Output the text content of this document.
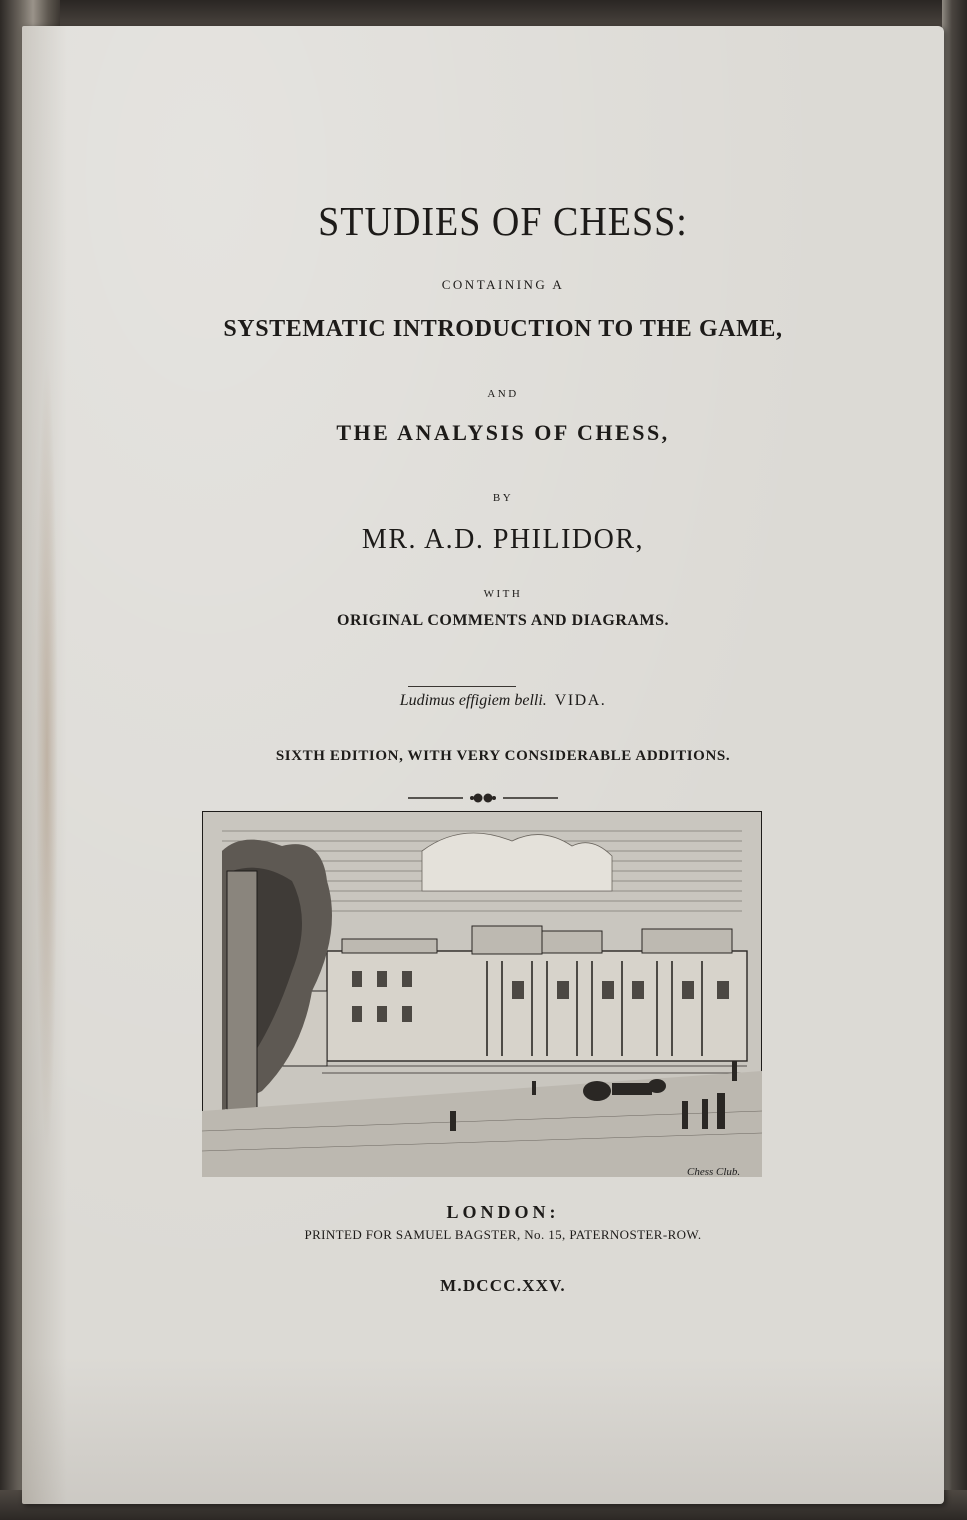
STUDIES OF CHESS:
CONTAINING A
SYSTEMATIC INTRODUCTION TO THE GAME,
AND
THE ANALYSIS OF CHESS,
BY
MR. A.D. PHILIDOR,
WITH
ORIGINAL COMMENTS AND DIAGRAMS.
Ludimus effigiem belli. VIDA.
SIXTH EDITION, WITH VERY CONSIDERABLE ADDITIONS.
Chess Club.
LONDON:
PRINTED FOR SAMUEL BAGSTER, No. 15, PATERNOSTER-ROW.
M.DCCC.XXV.
